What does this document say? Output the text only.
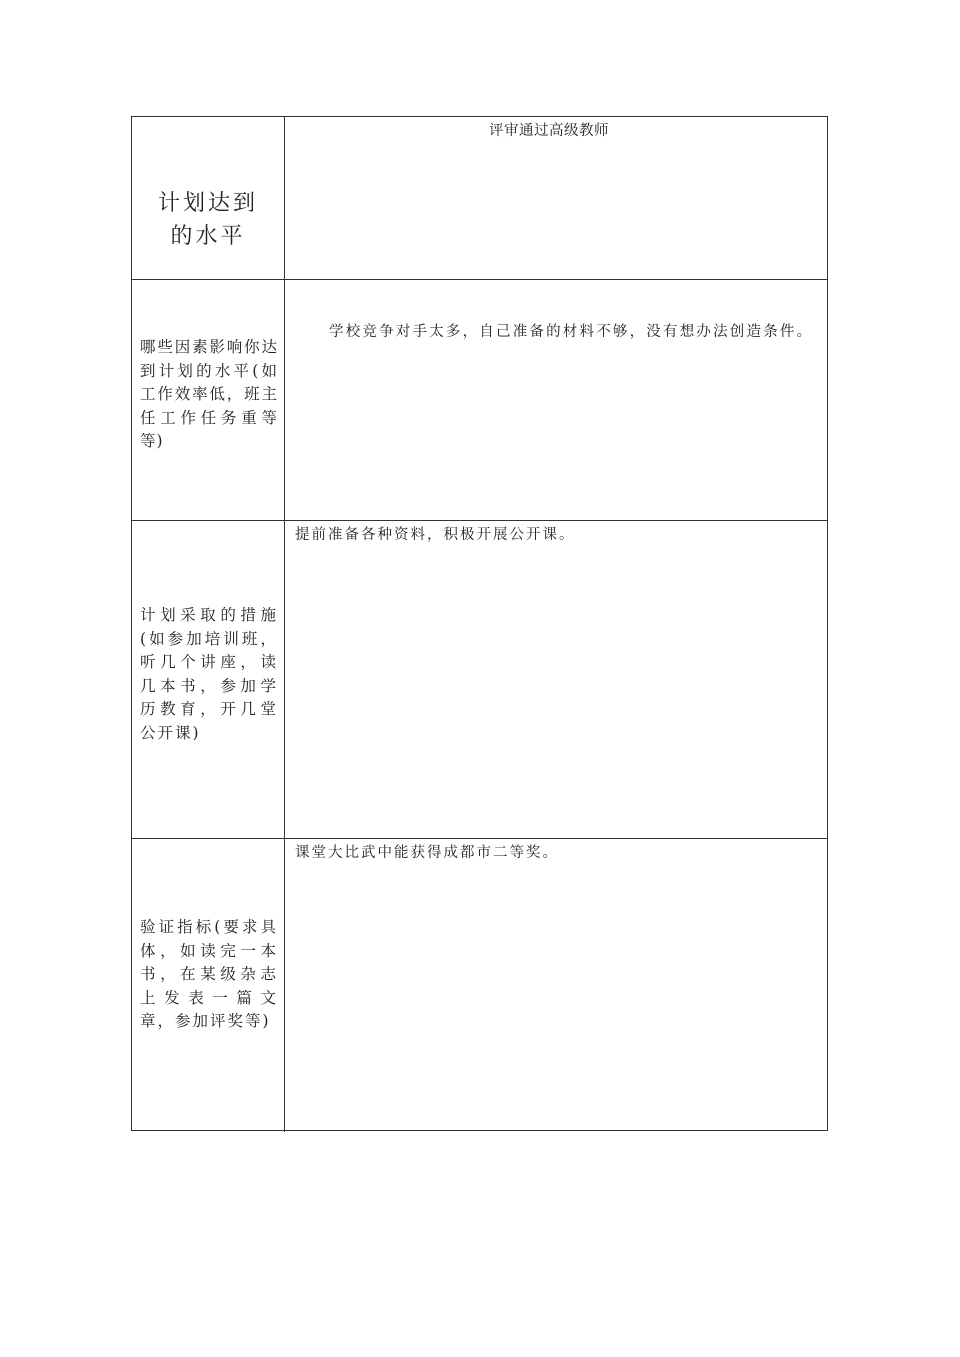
计划达到
的水平
评审通过高级教师
哪些因素影响你达到计划的水平(如工作效率低，班主任工作任务重等等)
学校竞争对手太多，自己准备的材料不够，没有想办法创造条件。
计划采取的措施(如参加培训班，听几个讲座，读几本书，参加学历教育，开几堂公开课)
提前准备各种资料，积极开展公开课。
验证指标(要求具体，如读完一本书，在某级杂志上发表一篇文章，参加评奖等)
课堂大比武中能获得成都市二等奖。
